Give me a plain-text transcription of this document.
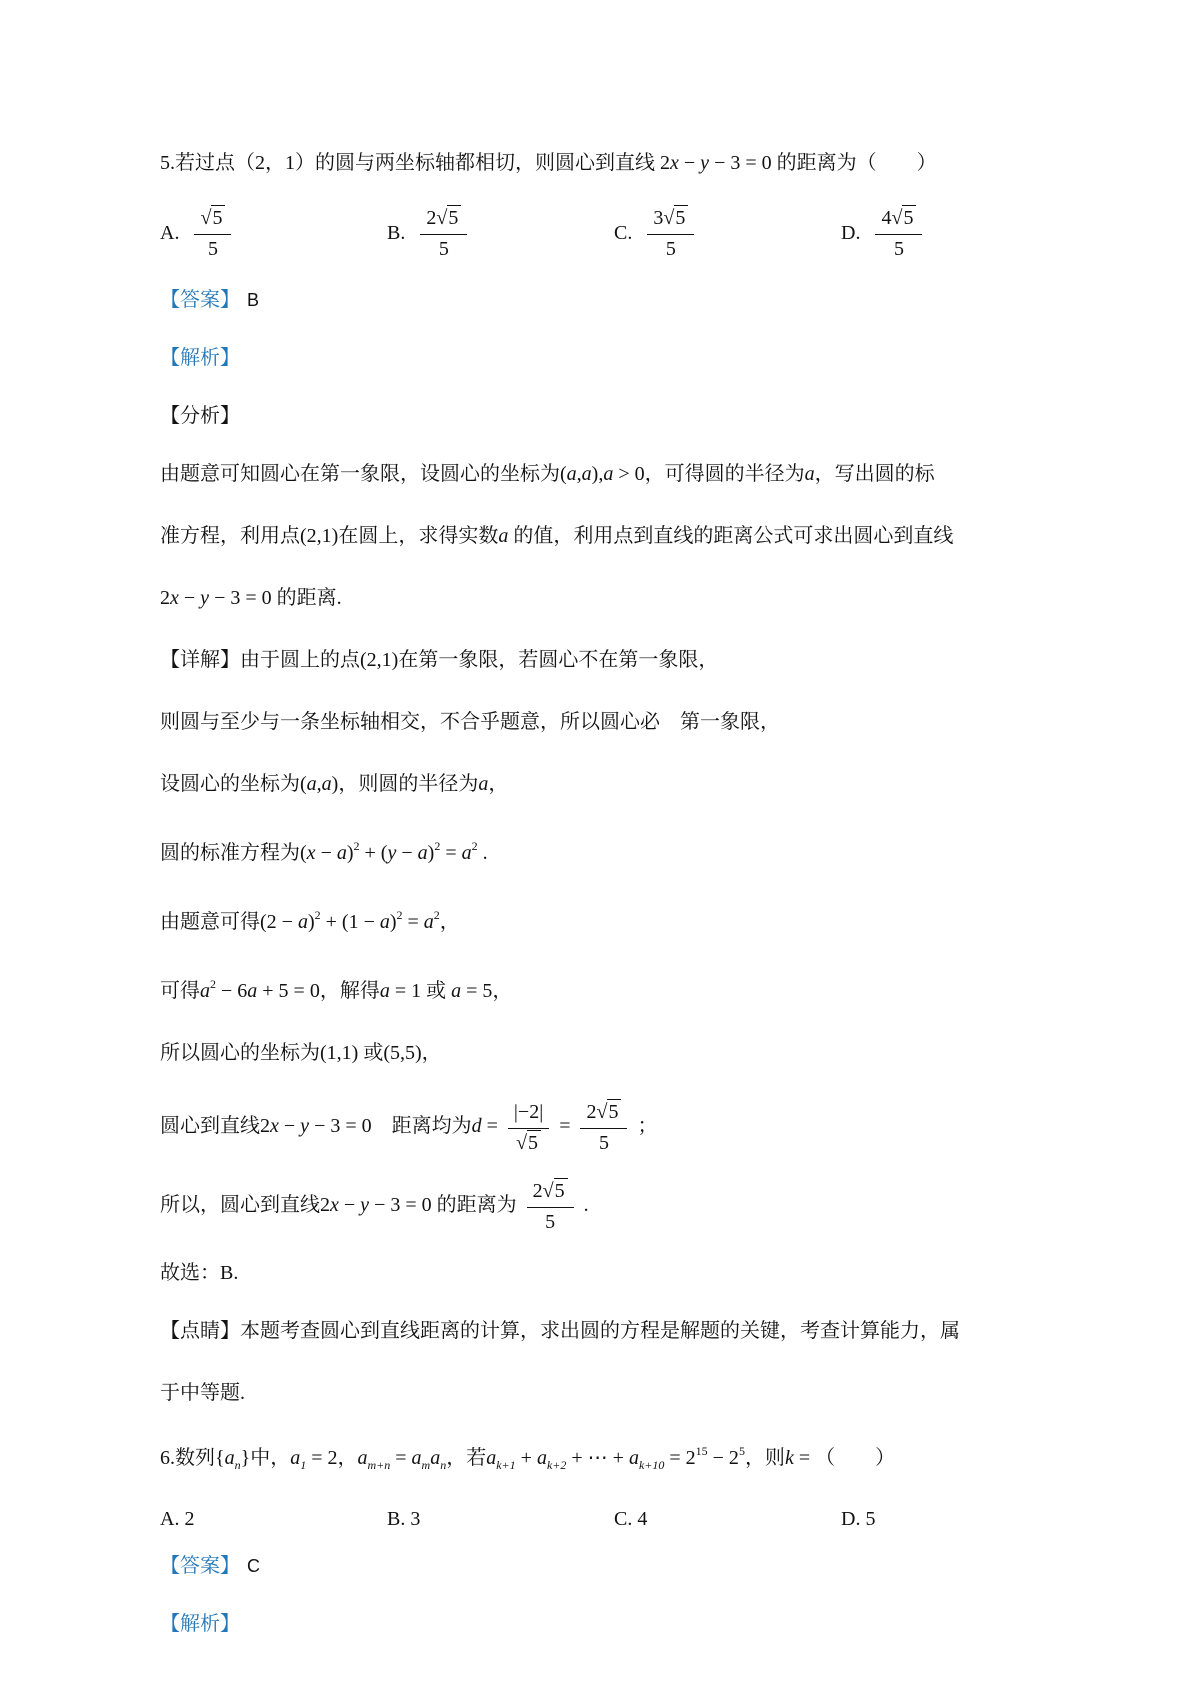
5.若过点（2，1）的圆与两坐标轴都相切，则圆心到直线 2x − y − 3 = 0 的距离为（　　）
A. $\frac{√5}{5}$	B. $\frac{2√5}{5}$	C. $\frac{3√5}{5}$	D. $\frac{4√5}{5}$
【答案】 B
【解析】
【分析】
由题意可知圆心在第一象限，设圆心的坐标为(a,a),a > 0，可得圆的半径为a，写出圆的标
准方程，利用点(2,1)在圆上，求得实数a 的值，利用点到直线的距离公式可求出圆心到直线
2x − y − 3 = 0 的距离.
【详解】由于圆上的点(2,1)在第一象限，若圆心不在第一象限，
则圆与至少与一条坐标轴相交，不合乎题意，所以圆心必　第一象限，
设圆心的坐标为(a,a)，则圆的半径为a，
圆的标准方程为$(x - a)^2 + (y - a)^2 = a^2$ .
由题意可得$(2 - a)^2 + (1 - a)^2 = a^2$，
可得$a^2 - 6a + 5 = 0$，解得a = 1 或 a = 5，
所以圆心的坐标为(1,1) 或(5,5)，
圆心到直线2x − y − 3 = 0　距离均为$d = \frac{|-2|}{√5} = \frac{2√5}{5}$ ；
所以，圆心到直线2x − y − 3 = 0 的距离为 $\frac{2√5}{5}$ .
故选：B.
【点睛】本题考查圆心到直线距离的计算，求出圆的方程是解题的关键，考查计算能力，属
于中等题.
6.数列$\{a_n\}$中，$a_1 = 2$，$a_{m+n} = a_ma_n$，若$a_{k+1} + a_{k+2}$ + ⋯ + $a_{k+10} = 2^{15} - 2^5$，则k = （　　）
A. 2	B. 3	C. 4	D. 5
【答案】 C
【解析】
